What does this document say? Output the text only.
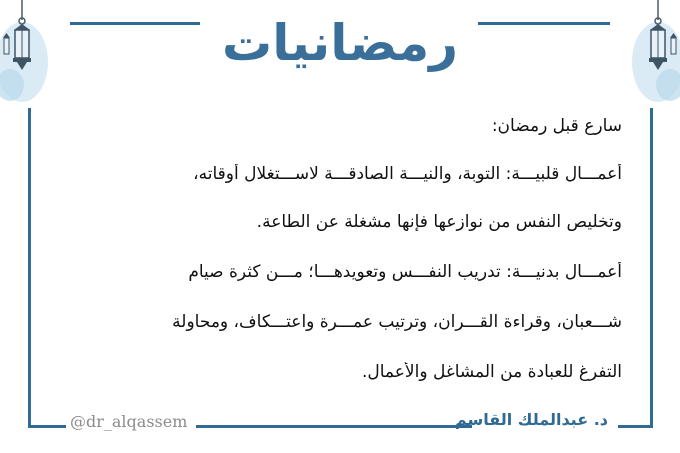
رمضانيات
سارع قبل رمضان:
أعمـــال قلبيـــة: التوبة، والنيـــة الصادقـــة لاســـتغلال أوقاته،
وتخليص النفس من نوازعها فإنها مشغلة عن الطاعة.
أعمـــال بدنيـــة: تدريب النفـــس وتعويدهـــا؛ مـــن كثرة صيام
شـــعبان، وقراءة القـــران، وترتيب عمـــرة واعتـــكاف، ومحاولة
التفرغ للعبادة من المشاغل والأعمال.
@dr_alqassem	د. عبدالملك القاسم
